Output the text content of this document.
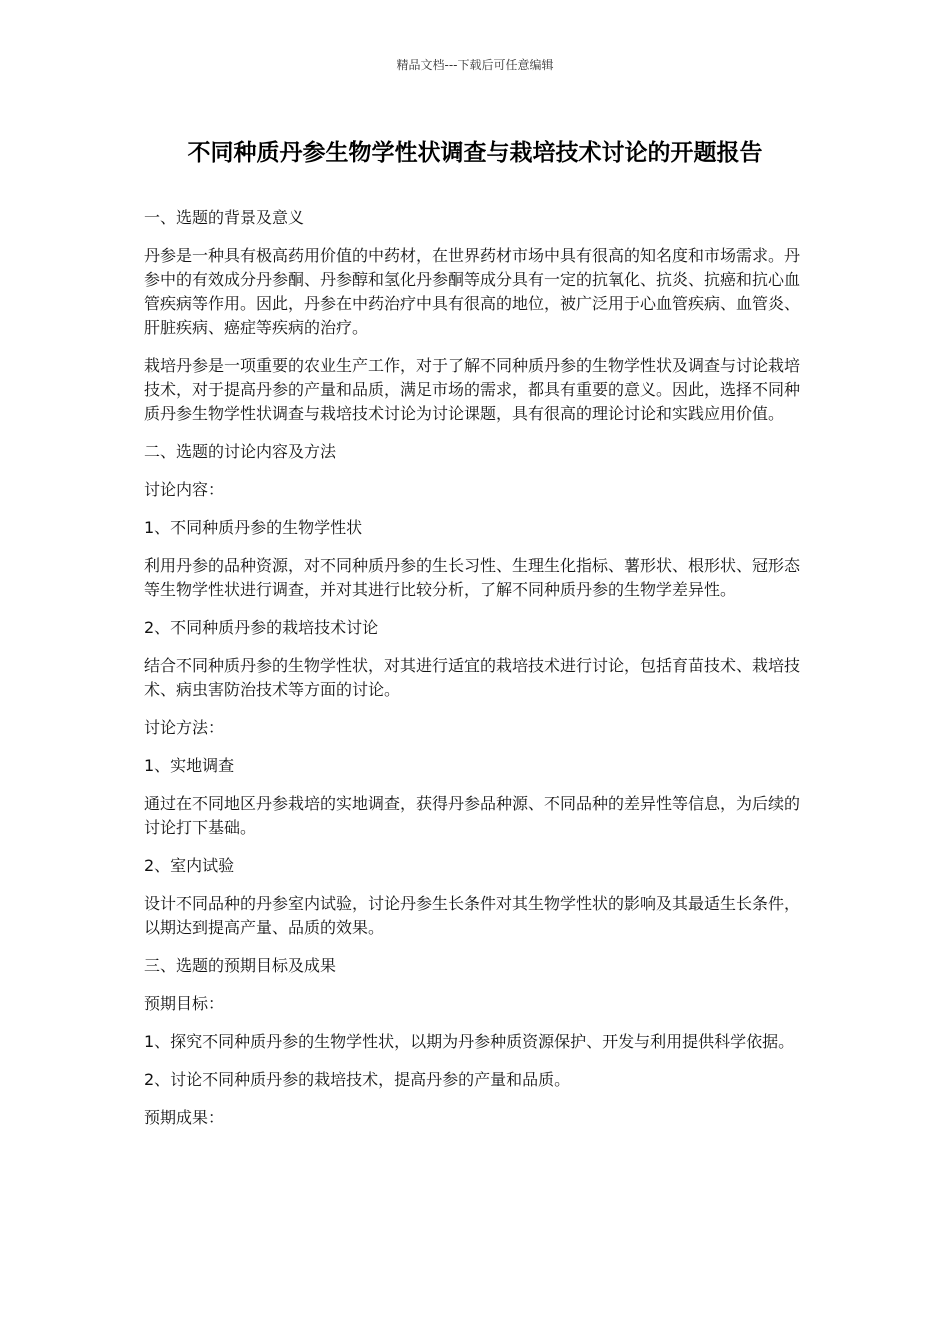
精品文档---下载后可任意编辑
不同种质丹参生物学性状调查与栽培技术讨论的开题报告

一、选题的背景及意义

丹参是一种具有极高药用价值的中药材，在世界药材市场中具有很高的知名度和市场需求。丹参中的有效成分丹参酮、丹参醇和氢化丹参酮等成分具有一定的抗氧化、抗炎、抗癌和抗心血管疾病等作用。因此，丹参在中药治疗中具有很高的地位，被广泛用于心血管疾病、血管炎、肝脏疾病、癌症等疾病的治疗。

栽培丹参是一项重要的农业生产工作，对于了解不同种质丹参的生物学性状及调查与讨论栽培技术，对于提高丹参的产量和品质，满足市场的需求，都具有重要的意义。因此，选择不同种质丹参生物学性状调查与栽培技术讨论为讨论课题，具有很高的理论讨论和实践应用价值。

二、选题的讨论内容及方法

讨论内容：

1、不同种质丹参的生物学性状

利用丹参的品种资源，对不同种质丹参的生长习性、生理生化指标、薯形状、根形状、冠形态等生物学性状进行调查，并对其进行比较分析，了解不同种质丹参的生物学差异性。

2、不同种质丹参的栽培技术讨论

结合不同种质丹参的生物学性状，对其进行适宜的栽培技术进行讨论，包括育苗技术、栽培技术、病虫害防治技术等方面的讨论。

讨论方法：

1、实地调查

通过在不同地区丹参栽培的实地调查，获得丹参品种源、不同品种的差异性等信息，为后续的讨论打下基础。

2、室内试验

设计不同品种的丹参室内试验，讨论丹参生长条件对其生物学性状的影响及其最适生长条件，以期达到提高产量、品质的效果。

三、选题的预期目标及成果

预期目标：

1、探究不同种质丹参的生物学性状，以期为丹参种质资源保护、开发与利用提供科学依据。

2、讨论不同种质丹参的栽培技术，提高丹参的产量和品质。

预期成果：
